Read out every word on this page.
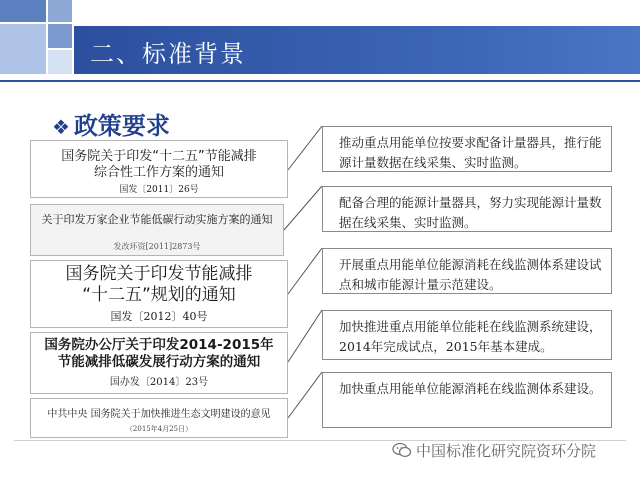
二、标准背景
❖ 政策要求
国务院关于印发“十二五”节能减排
综合性工作方案的通知
国发〔2011〕26号
关于印发万家企业节能低碳行动实施方案的通知
发改环资[2011]2873号
国务院关于印发节能减排
“十二五”规划的通知
国发〔2012〕40号
国务院办公厅关于印发2014-2015年
节能减排低碳发展行动方案的通知
国办发〔2014〕23号
中共中央 国务院关于加快推进生态文明建设的意见
（2015年4月25日）
推动重点用能单位按要求配备计量器具，推行能源计量数据在线采集、实时监测。
配备合理的能源计量器具，努力实现能源计量数据在线采集、实时监测。
开展重点用能单位能源消耗在线监测体系建设试点和城市能源计量示范建设。
加快推进重点用能单位能耗在线监测系统建设，2014年完成试点，2015年基本建成。
加快重点用能单位能源消耗在线监测体系建设。
中国标准化研究院资环分院
